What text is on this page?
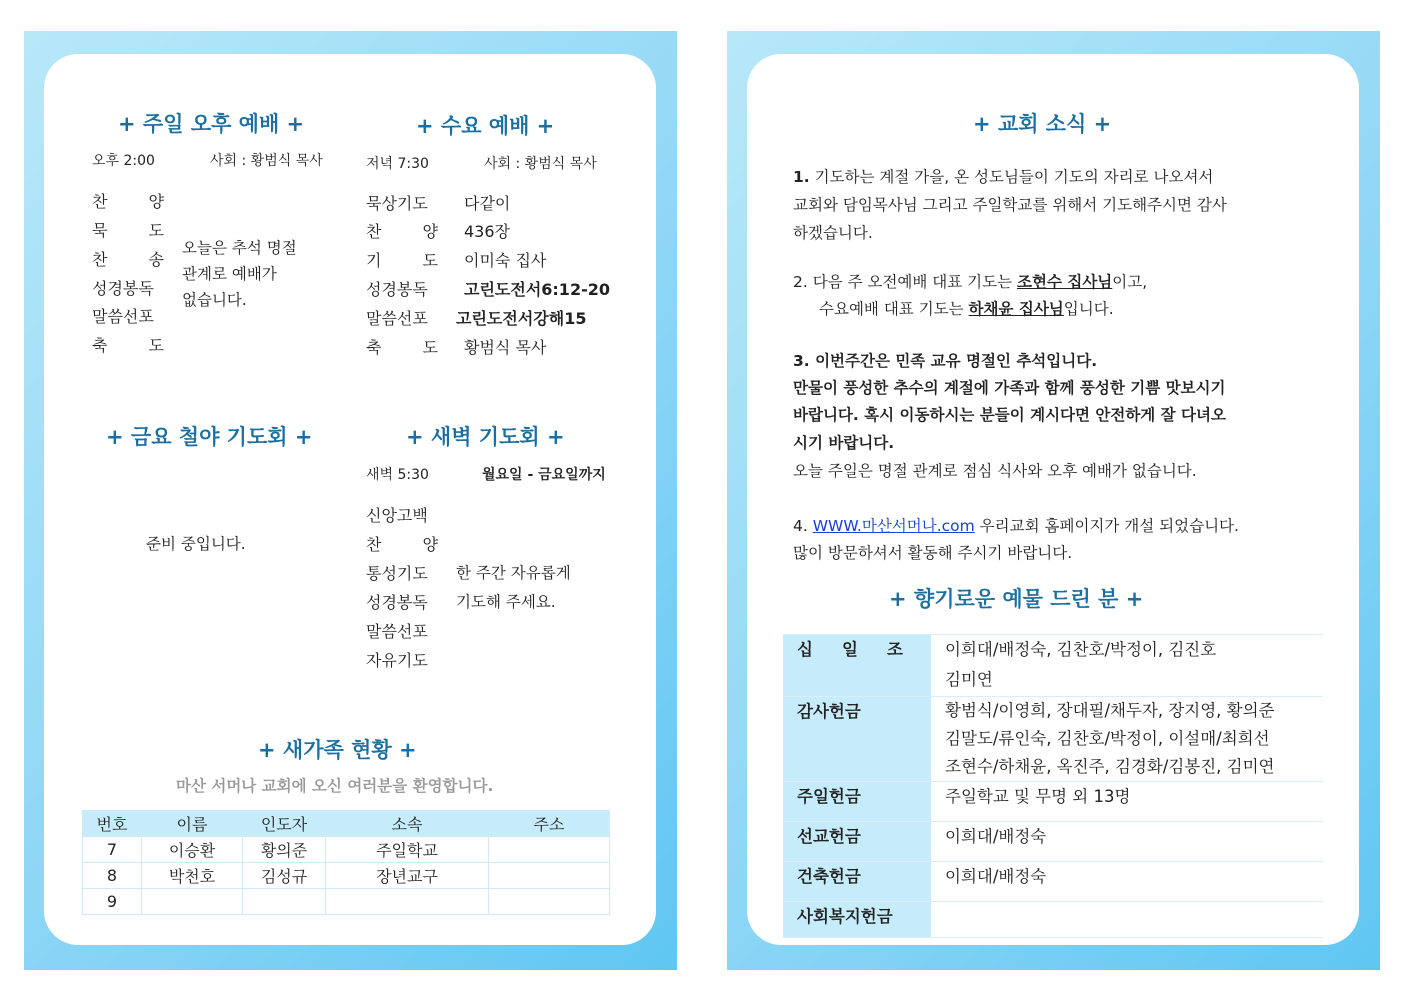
+ 주일 오후 예배 +
오후 2:00	사회 : 황범식 목사
찬 양
묵 도
찬 송
성경봉독
말씀선포
축 도
오늘은 추석 명절
관계로 예배가
없습니다.
+ 수요 예배 +
저녁 7:30	사회 : 황범식 목사
묵상기도	다같이
찬 양 436장
기 도 이미숙 집사
성경봉독	고린도전서6:12-20
말씀선포	고린도전서강해15
축 도 황범식 목사
+ 금요 철야 기도회 +
준비 중입니다.
+ 새벽 기도회 +
새벽 5:30	월요일 - 금요일까지
신앙고백
찬 양
통성기도
성경봉독
말씀선포
자유기도
한 주간 자유롭게
기도해 주세요.
+ 새가족 현황 +
마산 서머나 교회에 오신 여러분을 환영합니다.
번호	이름	인도자	소속	주소
7	이승환	황의준	주일학교	
8	박천호	김성규	장년교구	
9				
+ 교회 소식 +
1. 기도하는 계절 가을, 온 성도님들이 기도의 자리로 나오셔서
교회와 담임목사님 그리고 주일학교를 위해서 기도해주시면 감사
하겠습니다.
2. 다음 주 오전예배 대표 기도는 조현수 집사님이고,
수요예배 대표 기도는 하채윤 집사님입니다.
3. 이번주간은 민족 교유 명절인 추석입니다.
만물이 풍성한 추수의 계절에 가족과 함께 풍성한 기쁨 맛보시기
바랍니다. 혹시 이동하시는 분들이 계시다면 안전하게 잘 다녀오
시기 바랍니다.
오늘 주일은 명절 관계로 점심 식사와 오후 예배가 없습니다.
4. WWW.마산서머나.com 우리교회 홈페이지가 개설 되었습니다.
많이 방문하셔서 활동해 주시기 바랍니다.
+ 향기로운 예물 드린 분 +
십 일 조	이희대/배정숙, 김찬호/박정이, 김진호
김미연

감사헌금	황범식/이영희, 장대필/채두자, 장지영, 황의준
김말도/류인숙, 김찬호/박정이, 이설매/최희선
조현수/하채윤, 옥진주, 김경화/김봉진, 김미연

주일헌금	주일학교 및 무명 외 13명

선교헌금	이희대/배정숙

건축헌금	이희대/배정숙

사회복지헌금	
